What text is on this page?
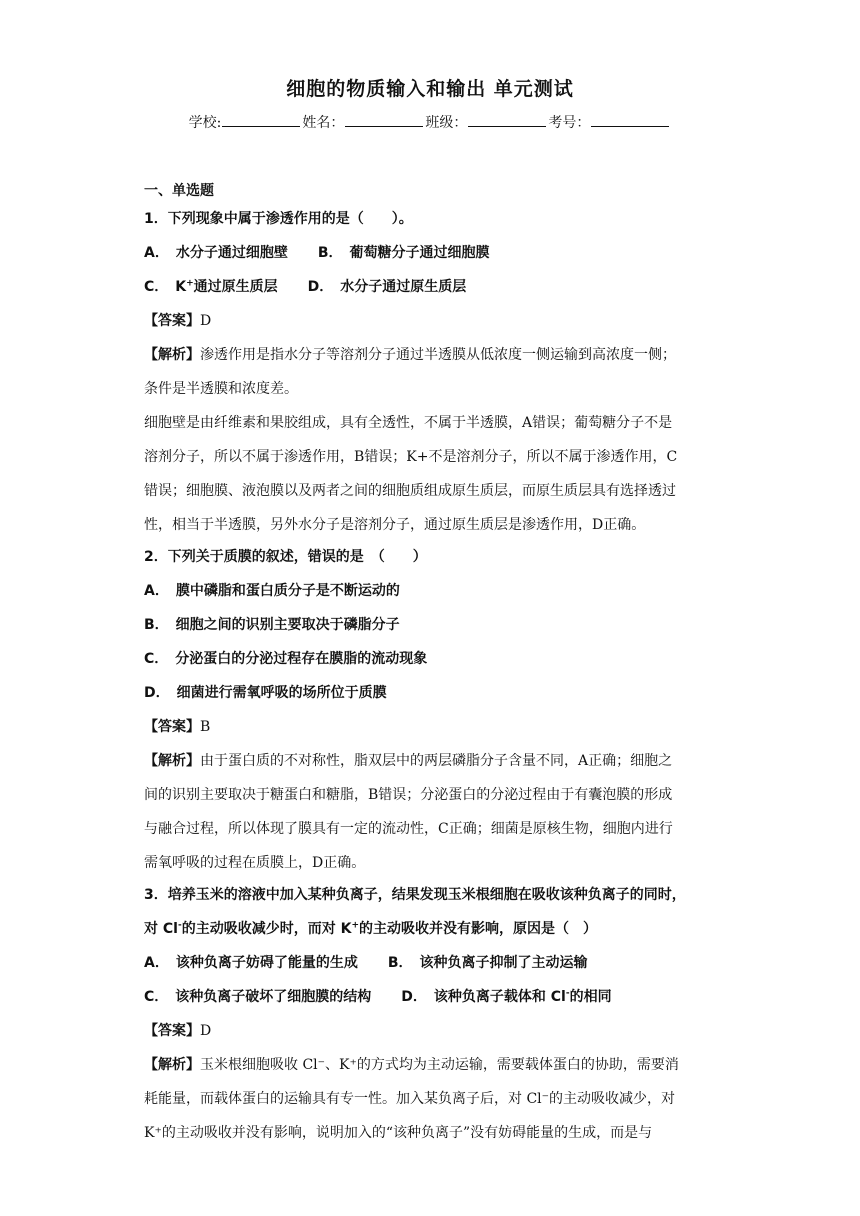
细胞的物质输入和输出 单元测试
学校:	姓名：	班级：	考号：
一、单选题
1．下列现象中属于渗透作用的是（　　）。
A．　水分子通过细胞壁 B．　葡萄糖分子通过细胞膜
C．　K+通过原生质层 D．　水分子通过原生质层
【答案】D
【解析】渗透作用是指水分子等溶剂分子通过半透膜从低浓度一侧运输到高浓度一侧；
条件是半透膜和浓度差。
细胞壁是由纤维素和果胶组成，具有全透性，不属于半透膜，A错误；葡萄糖分子不是
溶剂分子，所以不属于渗透作用，B错误；K+不是溶剂分子，所以不属于渗透作用，C
错误；细胞膜、液泡膜以及两者之间的细胞质组成原生质层，而原生质层具有选择透过
性，相当于半透膜，另外水分子是溶剂分子，通过原生质层是渗透作用，D正确。
2．下列关于质膜的叙述，错误的是　（　　）
A．　膜中磷脂和蛋白质分子是不断运动的
B．　细胞之间的识别主要取决于磷脂分子
C．　分泌蛋白的分泌过程存在膜脂的流动现象
D．　细菌进行需氧呼吸的场所位于质膜
【答案】B
【解析】由于蛋白质的不对称性，脂双层中的两层磷脂分子含量不同，A正确；细胞之
间的识别主要取决于糖蛋白和糖脂，B错误；分泌蛋白的分泌过程由于有囊泡膜的形成
与融合过程，所以体现了膜具有一定的流动性，C正确；细菌是原核生物，细胞内进行
需氧呼吸的过程在质膜上，D正确。
3．培养玉米的溶液中加入某种负离子，结果发现玉米根细胞在吸收该种负离子的同时，
对 Cl-的主动吸收减少时，而对 K+的主动吸收并没有影响，原因是（　）
A．　该种负离子妨碍了能量的生成 B．　该种负离子抑制了主动运输
C．　该种负离子破坏了细胞膜的结构 D．　该种负离子载体和 Cl-的相同
【答案】D
【解析】玉米根细胞吸收 Cl⁻、K⁺的方式均为主动运输，需要载体蛋白的协助，需要消
耗能量，而载体蛋白的运输具有专一性。加入某负离子后，对 Cl⁻的主动吸收减少，对
K⁺的主动吸收并没有影响，说明加入的“该种负离子”没有妨碍能量的生成，而是与
